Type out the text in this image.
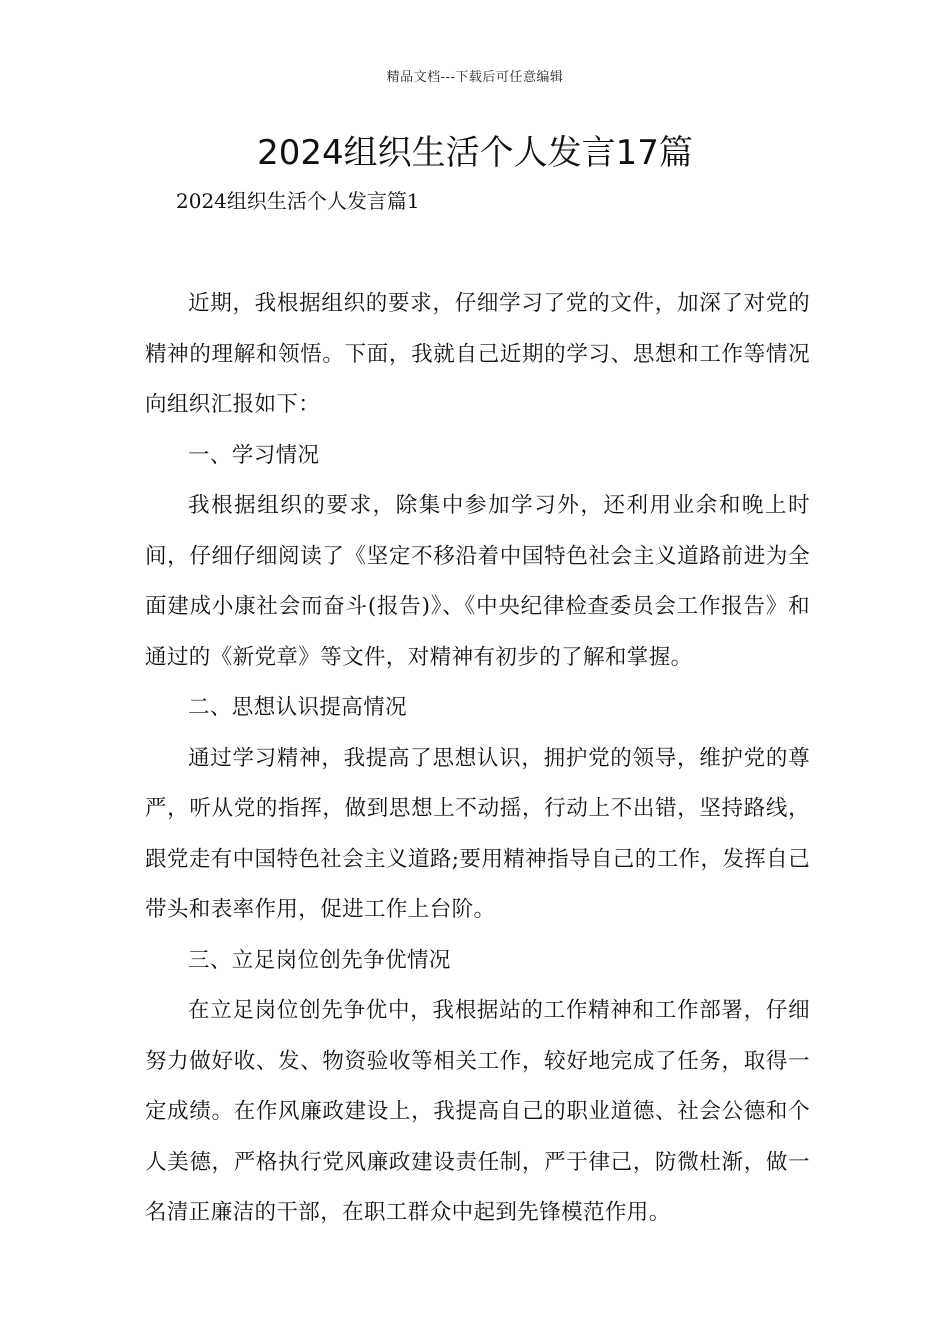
精品文档---下载后可任意编辑
2024组织生活个人发言17篇
2024组织生活个人发言篇1

近期，我根据组织的要求，仔细学习了党的文件，加深了对党的精神的理解和领悟。下面，我就自己近期的学习、思想和工作等情况向组织汇报如下：

一、学习情况

我根据组织的要求，除集中参加学习外，还利用业余和晚上时间，仔细仔细阅读了《坚定不移沿着中国特色社会主义道路前进为全面建成小康社会而奋斗(报告)》、《中央纪律检查委员会工作报告》和通过的《新党章》等文件，对精神有初步的了解和掌握。

二、思想认识提高情况

通过学习精神，我提高了思想认识，拥护党的领导，维护党的尊严，听从党的指挥，做到思想上不动摇，行动上不出错，坚持路线，跟党走有中国特色社会主义道路;要用精神指导自己的工作，发挥自己带头和表率作用，促进工作上台阶。

三、立足岗位创先争优情况

在立足岗位创先争优中，我根据站的工作精神和工作部署，仔细努力做好收、发、物资验收等相关工作，较好地完成了任务，取得一定成绩。在作风廉政建设上，我提高自己的职业道德、社会公德和个人美德，严格执行党风廉政建设责任制，严于律己，防微杜渐，做一名清正廉洁的干部，在职工群众中起到先锋模范作用。
